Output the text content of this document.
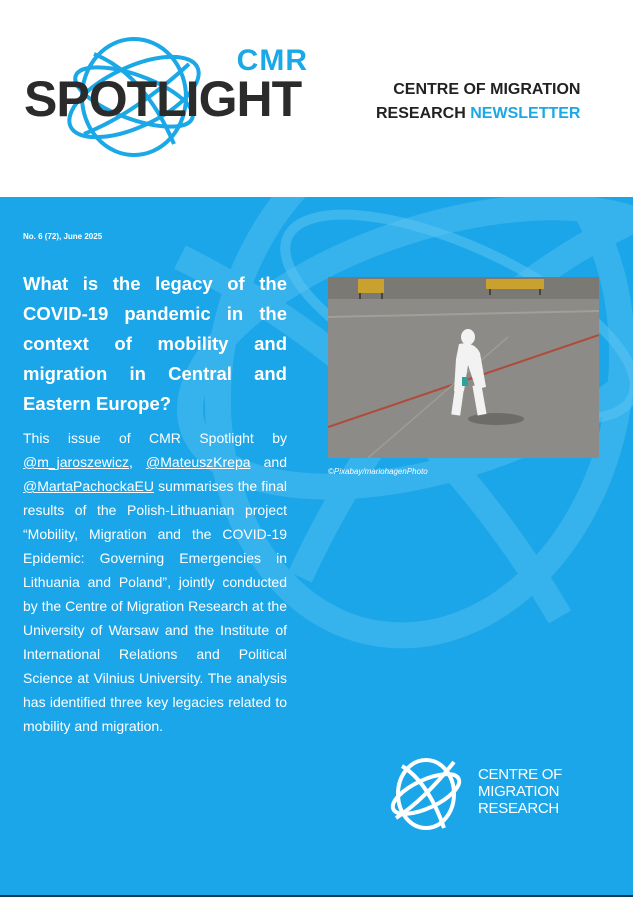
CMR
SPOTLIGHT	CENTRE OF MIGRATION
RESEARCH NEWSLETTER
No. 6 (72), June 2025
What is the legacy of the COVID-19 pandemic in the context of mobility and migration in Central and Eastern Europe?
This issue of CMR Spotlight by @m_jaroszewicz, @MateuszKrepa and @MartaPachockaEU summarises the final results of the Polish-Lithuanian project “Mobility, Migration and the COVID-19 Epidemic: Governing Emergencies in Lithuania and Poland”, jointly conducted by the Centre of Migration Research at the University of Warsaw and the Institute of International Relations and Political Science at Vilnius University. The analysis has identified three key legacies related to mobility and migration.
©Pixabay/mariohagenPhoto
CENTRE OF
MIGRATION
RESEARCH
